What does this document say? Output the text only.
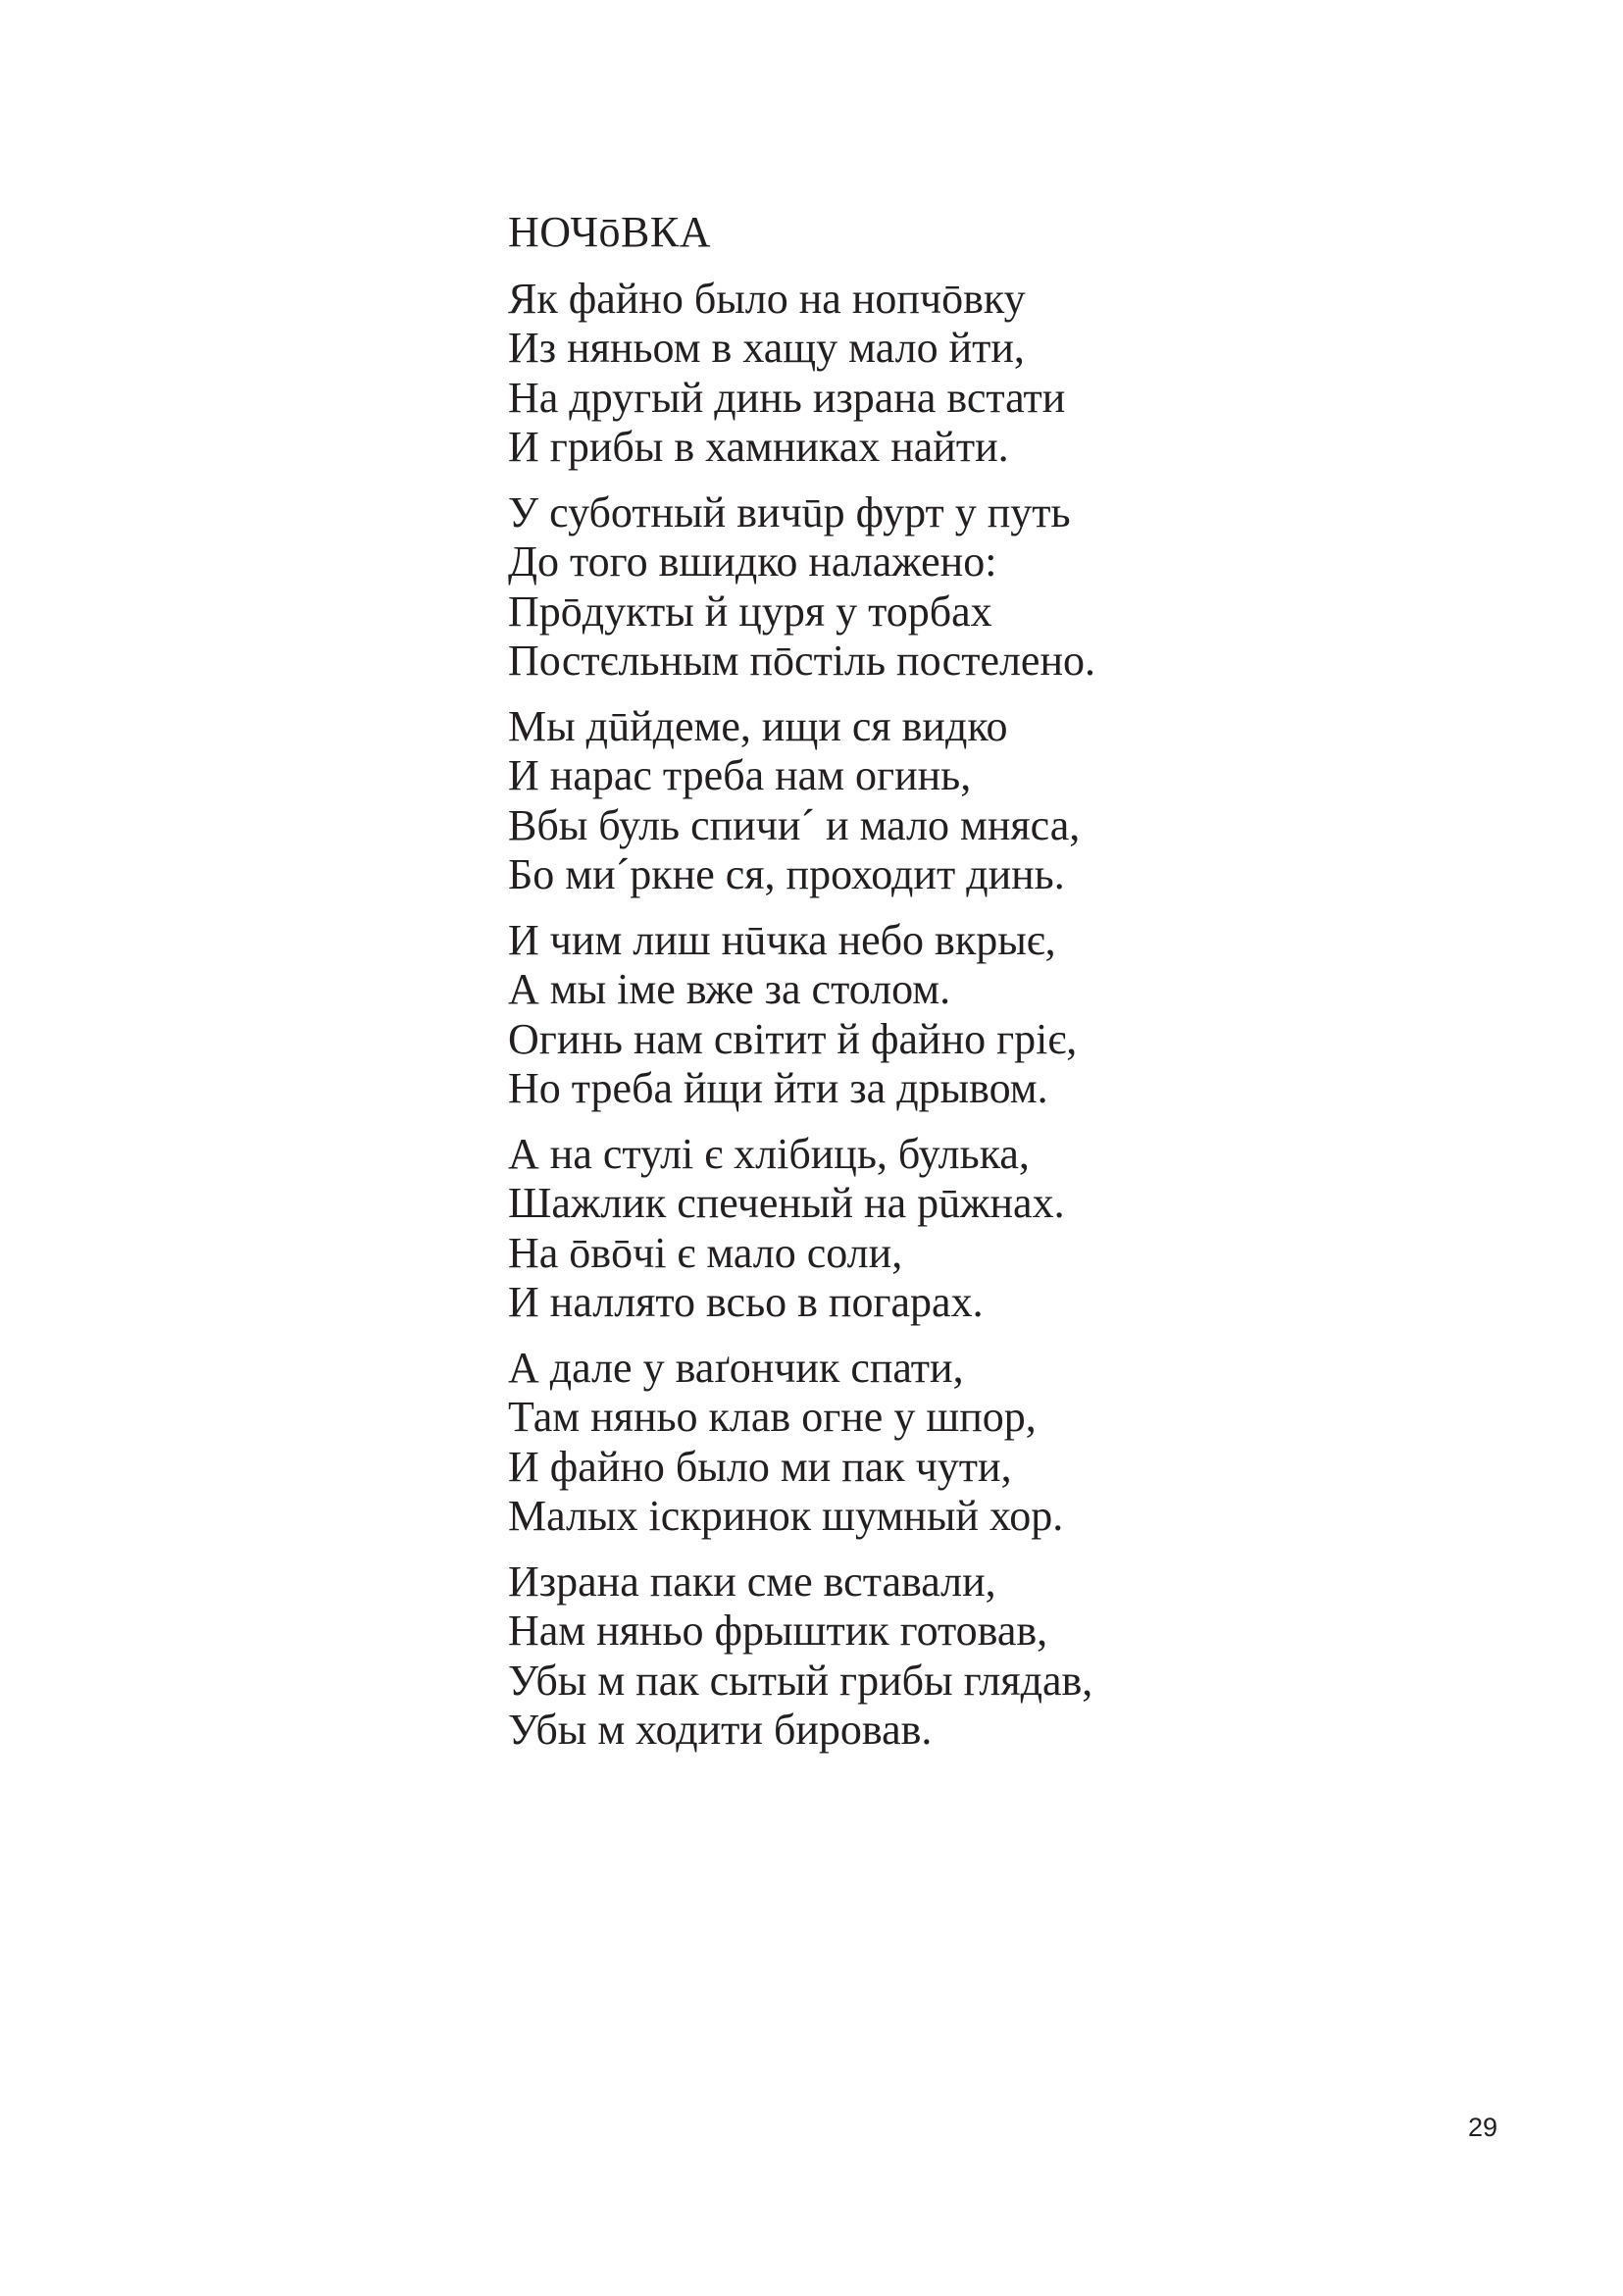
НОЧōВКА
Як файно было на нопчōвку
Из няньом в хащу мало йти,
На другый динь израна встати
И грибы в хамниках найти.
У суботный вичūр фурт у путь
До того вшидко налажено:
Прōдукты й цуря у торбах
Постєльным пōстіль постелено.
Мы дūйдеме, ищи ся видко
И нарас треба нам огинь,
Вбы буль спичи´ и мало мняса,
Бо ми´ркне ся, проходит динь.
И чим лиш нūчка небо вкрыє,
А мы іме вже за столом.
Огинь нам світит й файно гріє,
Но треба йщи йти за дрывом.
А на стулі є хлібиць, булька,
Шажлик спеченый на рūжнах.
На ōвōчі є мало соли,
И наллято всьо в погарах.
А дале у ваґончик спати,
Там няньо клав огне у шпор,
И файно было ми пак чути,
Малых іскринок шумный хор.
Израна паки сме вставали,
Нам няньо фрыштик готовав,
Убы м пак сытый грибы глядав,
Убы м ходити бировав.
29
